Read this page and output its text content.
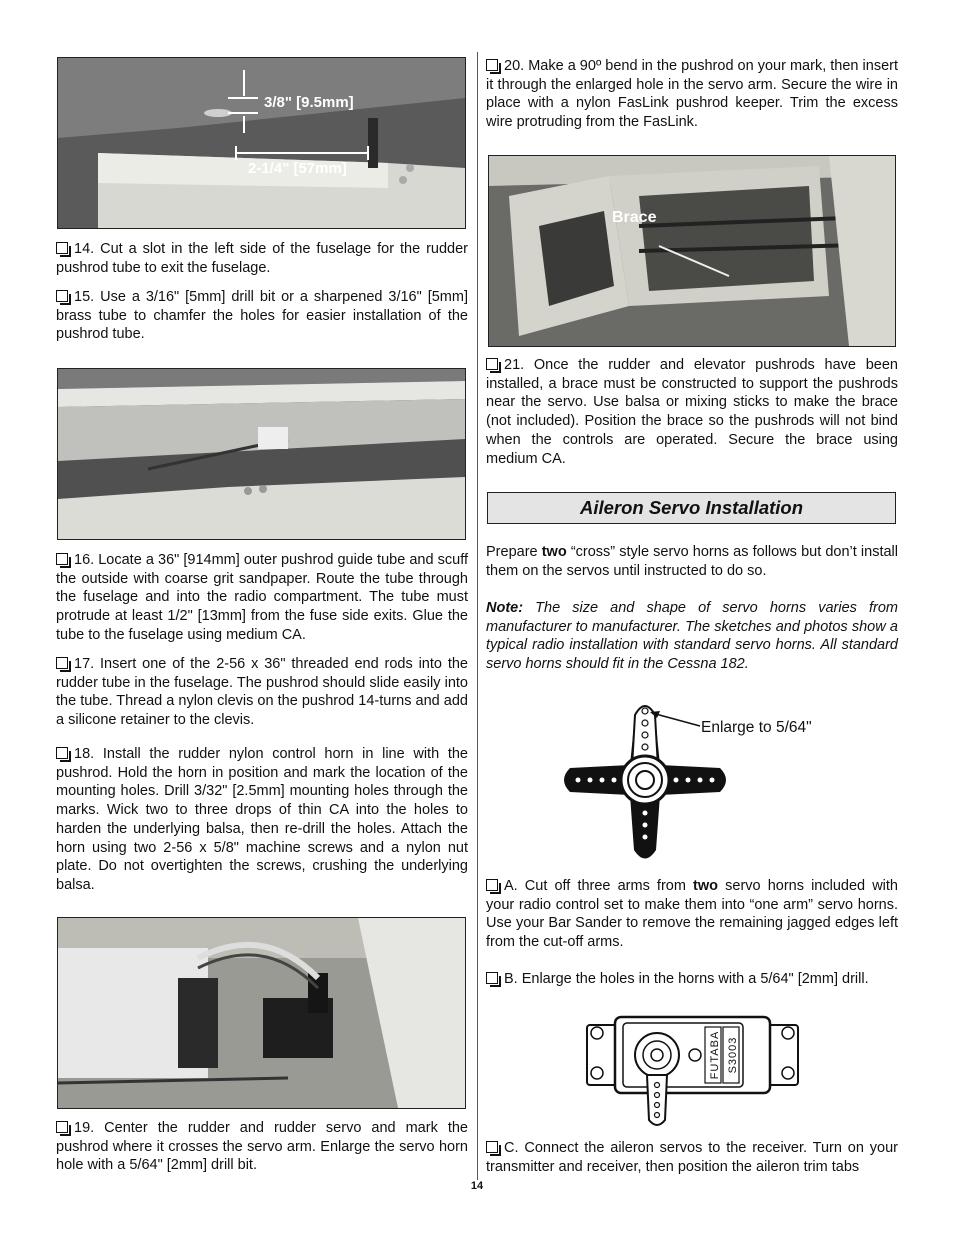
3/8" [9.5mm]
2-1/4" [57mm]

14. Cut a slot in the left side of the fuselage for the rudder pushrod tube to exit the fuselage.

15. Use a 3/16" [5mm] drill bit or a sharpened 3/16" [5mm] brass tube to chamfer the holes for easier installation of the pushrod tube.

16. Locate a 36" [914mm] outer pushrod guide tube and scuff the outside with coarse grit sandpaper. Route the tube through the fuselage and into the radio compartment. The tube must protrude at least 1/2" [13mm] from the fuse side exits. Glue the tube to the fuselage using medium CA.

17. Insert one of the 2-56 x 36" threaded end rods into the rudder tube in the fuselage. The pushrod should slide easily into the tube. Thread a nylon clevis on the pushrod 14-turns and add a silicone retainer to the clevis.

18. Install the rudder nylon control horn in line with the pushrod. Hold the horn in position and mark the location of the mounting holes. Drill 3/32" [2.5mm] mounting holes through the marks. Wick two to three drops of thin CA into the holes to harden the underlying balsa, then re-drill the holes. Attach the horn using two 2-56 x 5/8" machine screws and a nylon nut plate. Do not overtighten the screws, crushing the underlying balsa.

19. Center the rudder and rudder servo and mark the pushrod where it crosses the servo arm. Enlarge the servo horn hole with a 5/64" [2mm] drill bit.

20. Make a 90º bend in the pushrod on your mark, then insert it through the enlarged hole in the servo arm. Secure the wire in place with a nylon FasLink pushrod keeper. Trim the excess wire protruding from the FasLink.

Brace

21. Once the rudder and elevator pushrods have been installed, a brace must be constructed to support the pushrods near the servo. Use balsa or mixing sticks to make the brace (not included). Position the brace so the pushrods will not bind when the controls are operated. Secure the brace using medium CA.

Aileron Servo Installation

Prepare two “cross” style servo horns as follows but don’t install them on the servos until instructed to do so.

Note: The size and shape of servo horns varies from manufacturer to manufacturer. The sketches and photos show a typical radio installation with standard servo horns. All standard servo horns should fit in the Cessna 182.

Enlarge to 5/64"

A. Cut off three arms from two servo horns included with your radio control set to make them into “one arm” servo horns. Use your Bar Sander to remove the remaining jagged edges left from the cut-off arms.

B. Enlarge the holes in the horns with a 5/64" [2mm] drill.

FUTABA S3003

C. Connect the aileron servos to the receiver. Turn on your transmitter and receiver, then position the aileron trim tabs

14
